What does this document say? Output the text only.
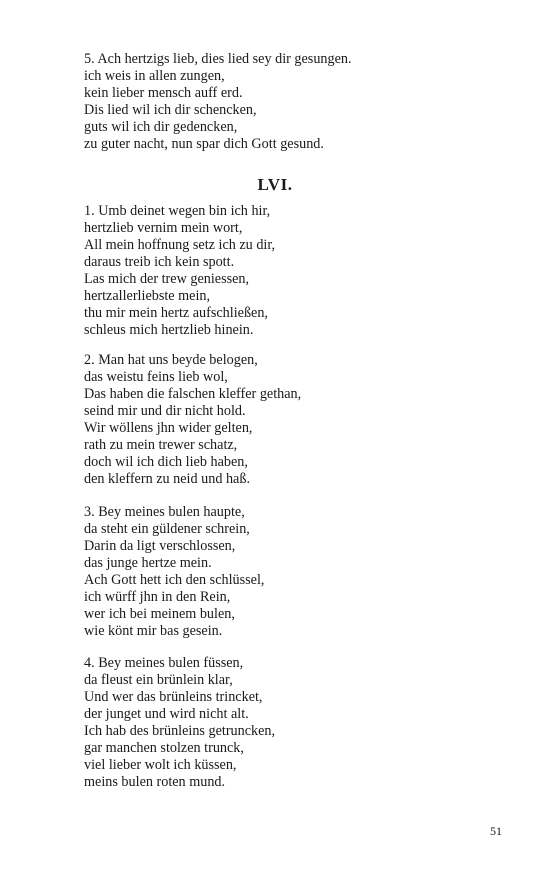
5. Ach hertzigs lieb, dies lied sey dir gesungen.
ich weis in allen zungen,
kein lieber mensch auff erd.
Dis lied wil ich dir schencken,
guts wil ich dir gedencken,
zu guter nacht, nun spar dich Gott gesund.
LVI.
1. Umb deinet wegen bin ich hir,
hertzlieb vernim mein wort,
All mein hoffnung setz ich zu dir,
daraus treib ich kein spott.
Las mich der trew geniessen,
hertzallerliebste mein,
thu mir mein hertz aufschließen,
schleus mich hertzlieb hinein.
2. Man hat uns beyde belogen,
das weistu feins lieb wol,
Das haben die falschen kleffer gethan,
seind mir und dir nicht hold.
Wir wöllens jhn wider gelten,
rath zu mein trewer schatz,
doch wil ich dich lieb haben,
den kleffern zu neid und haß.
3. Bey meines bulen haupte,
da steht ein güldener schrein,
Darin da ligt verschlossen,
das junge hertze mein.
Ach Gott hett ich den schlüssel,
ich würff jhn in den Rein,
wer ich bei meinem bulen,
wie könt mir bas gesein.
4. Bey meines bulen füssen,
da fleust ein brünlein klar,
Und wer das brünleins trincket,
der junget und wird nicht alt.
Ich hab des brünleins getruncken,
gar manchen stolzen trunck,
viel lieber wolt ich küssen,
meins bulen roten mund.
51
